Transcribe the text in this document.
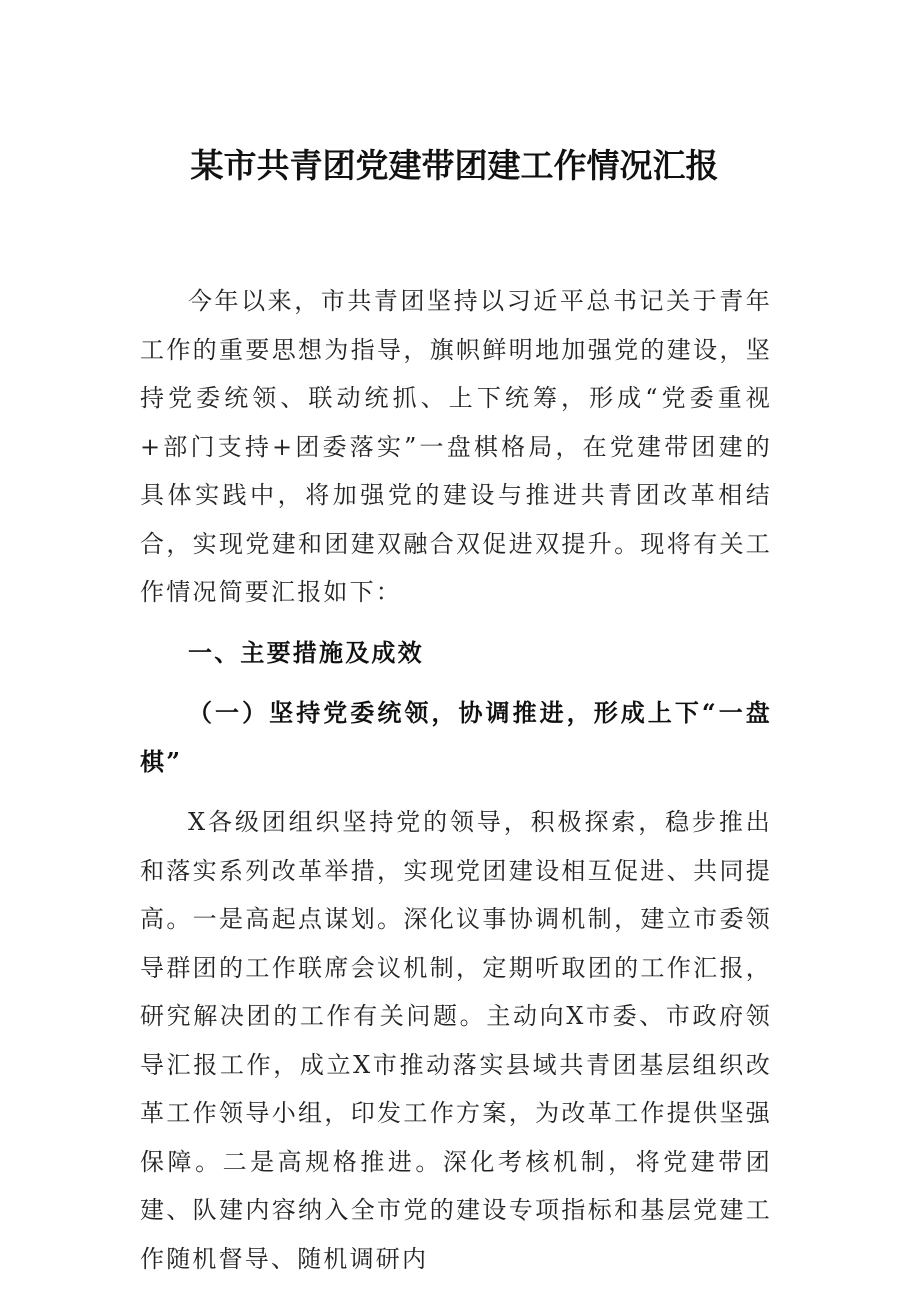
某市共青团党建带团建工作情况汇报

今年以来，市共青团坚持以习近平总书记关于青年工作的重要思想为指导，旗帜鲜明地加强党的建设，坚持党委统领、联动统抓、上下统筹，形成“党委重视+部门支持+团委落实”一盘棋格局，在党建带团建的具体实践中，将加强党的建设与推进共青团改革相结合，实现党建和团建双融合双促进双提升。现将有关工作情况简要汇报如下：

一、主要措施及成效

（一）坚持党委统领，协调推进，形成上下“一盘棋”

X各级团组织坚持党的领导，积极探索，稳步推出和落实系列改革举措，实现党团建设相互促进、共同提高。一是高起点谋划。深化议事协调机制，建立市委领导群团的工作联席会议机制，定期听取团的工作汇报，研究解决团的工作有关问题。主动向X市委、市政府领导汇报工作，成立X市推动落实县域共青团基层组织改革工作领导小组，印发工作方案，为改革工作提供坚强保障。二是高规格推进。深化考核机制，将党建带团建、队建内容纳入全市党的建设专项指标和基层党建工作随机督导、随机调研内
